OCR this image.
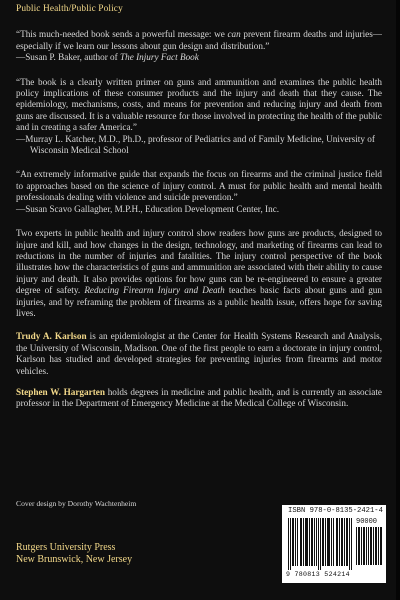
Public Health/Public Policy

“This much-needed book sends a powerful message: we can prevent firearm deaths and injuries—especially if we learn our lessons about gun design and distribution.”

—Susan P. Baker, author of The Injury Fact Book

“The book is a clearly written primer on guns and ammunition and examines the public health policy implications of these consumer products and the injury and death that they cause. The epidemiology, mechanisms, costs, and means for prevention and reducing injury and death from guns are discussed. It is a valuable resource for those involved in protecting the health of the public and in creating a safer America.”

—Murray L. Katcher, M.D., Ph.D., professor of Pediatrics and of Family Medicine, University of Wisconsin Medical School

“An extremely informative guide that expands the focus on firearms and the criminal justice field to approaches based on the science of injury control. A must for public health and mental health professionals dealing with violence and suicide prevention.”

—Susan Scavo Gallagher, M.P.H., Education Development Center, Inc.

Two experts in public health and injury control show readers how guns are products, designed to injure and kill, and how changes in the design, technology, and marketing of firearms can lead to reductions in the number of injuries and fatalities. The injury control perspective of the book illustrates how the characteristics of guns and ammunition are associated with their ability to cause injury and death. It also provides options for how guns can be re-engineered to ensure a greater degree of safety. Reducing Firearm Injury and Death teaches basic facts about guns and gun injuries, and by reframing the problem of firearms as a public health issue, offers hope for saving lives.

Trudy A. Karlson is an epidemiologist at the Center for Health Systems Research and Analysis, the University of Wisconsin, Madison. One of the first people to earn a doctorate in injury control, Karlson has studied and developed strategies for preventing injuries from firearms and motor vehicles.

Stephen W. Hargarten holds degrees in medicine and public health, and is currently an associate professor in the Department of Emergency Medicine at the Medical College of Wisconsin.

Cover design by Dorothy Wachtenheim
Rutgers University Press
New Brunswick, New Jersey
ISBN 978-0-8135-2421-4
90000
9 780813 524214
